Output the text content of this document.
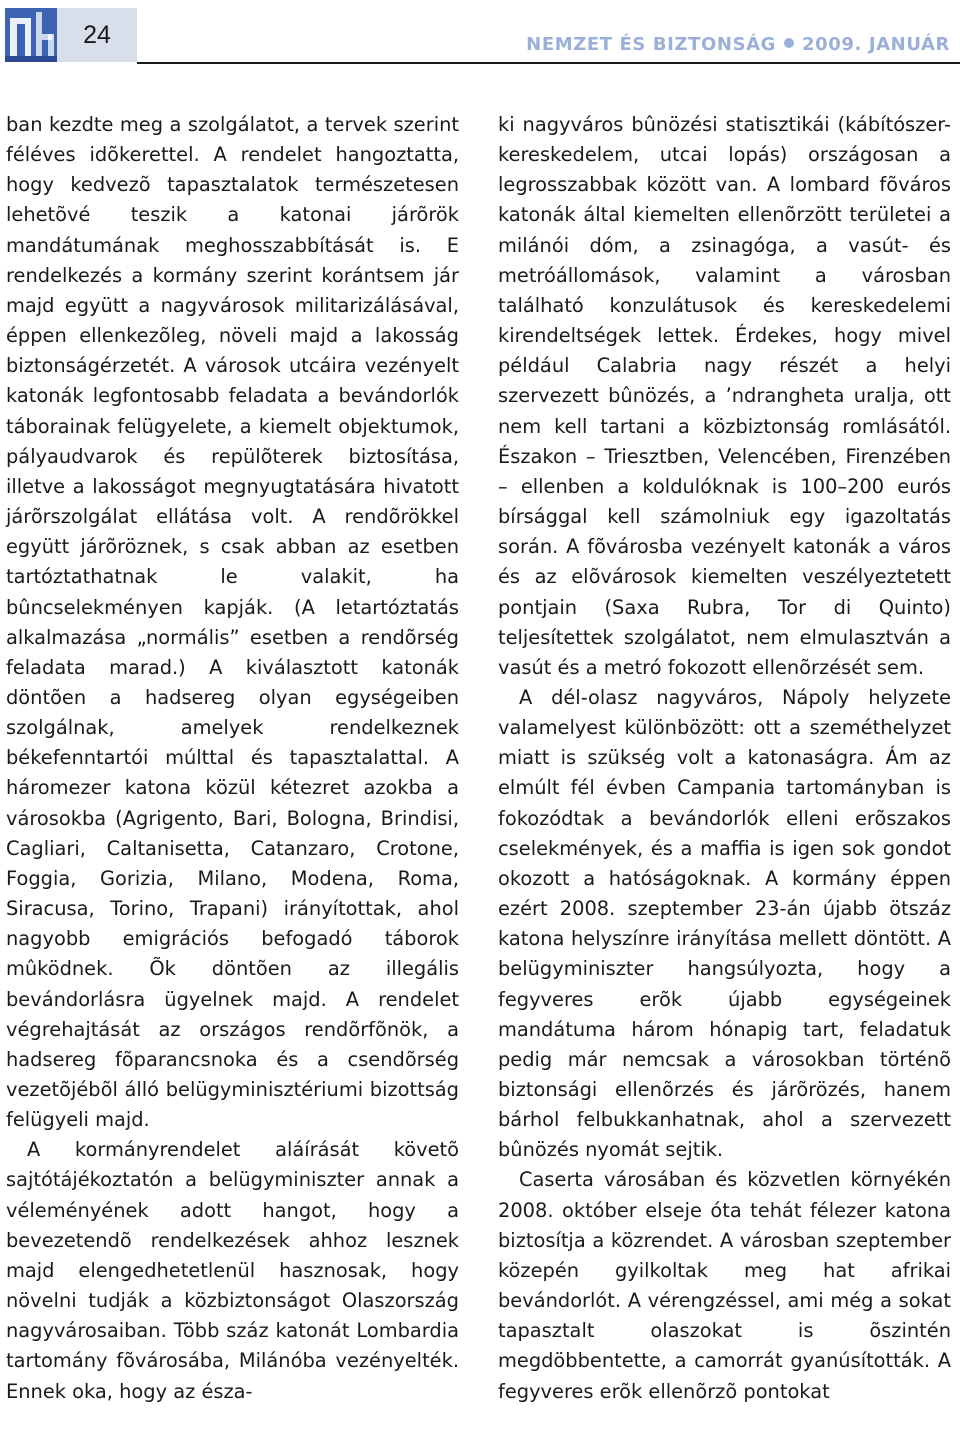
24	NEMZET ÉS BIZTONSÁG 2009. JANUÁR

ban kezdte meg a szolgálatot, a tervek szerint féléves idõkerettel. A rendelet hangoztatta, hogy kedvezõ tapasztalatok természetesen lehetõvé teszik a katonai járõrök mandátumának meghosszabbítását is. E rendelkezés a kormány szerint korántsem jár majd együtt a nagyvárosok militarizálásával, éppen ellenkezõleg, növeli majd a lakosság biztonságérzetét. A városok utcáira vezényelt katonák legfontosabb feladata a bevándorlók táborainak felügyelete, a kiemelt objektumok, pályaudvarok és repülõterek biztosítása, illetve a lakosságot megnyugtatására hivatott járõrszolgálat ellátása volt. A rendõrökkel együtt járõröznek, s csak abban az esetben tartóztathatnak le valakit, ha bûncselekményen kapják. (A letartóztatás alkalmazása „normális” esetben a rendõrség feladata marad.) A kiválasztott katonák döntõen a hadsereg olyan egységeiben szolgálnak, amelyek rendelkeznek békefenntartói múlttal és tapasztalattal. A háromezer katona közül kétezret azokba a városokba (Agrigento, Bari, Bologna, Brindisi, Cagliari, Caltanisetta, Catanzaro, Crotone, Foggia, Gorizia, Milano, Modena, Roma, Siracusa, Torino, Trapani) irányítottak, ahol nagyobb emigrációs befogadó táborok mûködnek. Õk döntõen az illegális bevándorlásra ügyelnek majd. A rendelet végrehajtását az országos rendõrfõnök, a hadsereg fõparancsnoka és a csendõrség vezetõjébõl álló belügyminisztériumi bizottság felügyeli majd.

A kormányrendelet aláírását követõ sajtótájékoztatón a belügyminiszter annak a véleményének adott hangot, hogy a bevezetendõ rendelkezések ahhoz lesznek majd elengedhetetlenül hasznosak, hogy növelni tudják a közbiztonságot Olaszország nagyvárosaiban. Több száz katonát Lombardia tartomány fõvárosába, Milánóba vezényelték. Ennek oka, hogy az észa-

ki nagyváros bûnözési statisztikái (kábítószer-kereskedelem, utcai lopás) országosan a legrosszabbak között van. A lombard fõváros katonák által kiemelten ellenõrzött területei a milánói dóm, a zsinagóga, a vasút- és metróállomások, valamint a városban található konzulátusok és kereskedelemi kirendeltségek lettek. Érdekes, hogy mivel például Calabria nagy részét a helyi szervezett bûnözés, a ’ndrangheta uralja, ott nem kell tartani a közbiztonság romlásától. Északon – Triesztben, Velencében, Firenzében – ellenben a koldulóknak is 100–200 eurós bírsággal kell számolniuk egy igazoltatás során. A fõvárosba vezényelt katonák a város és az elõvárosok kiemelten veszélyeztetett pontjain (Saxa Rubra, Tor di Quinto) teljesítettek szolgálatot, nem elmulasztván a vasút és a metró fokozott ellenõrzését sem.

A dél-olasz nagyváros, Nápoly helyzete valamelyest különbözött: ott a szeméthelyzet miatt is szükség volt a katonaságra. Ám az elmúlt fél évben Campania tartományban is fokozódtak a bevándorlók elleni erõszakos cselekmények, és a maffia is igen sok gondot okozott a hatóságoknak. A kormány éppen ezért 2008. szeptember 23-án újabb ötszáz katona helyszínre irányítása mellett döntött. A belügyminiszter hangsúlyozta, hogy a fegyveres erõk újabb egységeinek mandátuma három hónapig tart, feladatuk pedig már nemcsak a városokban történõ biztonsági ellenõrzés és járõrözés, hanem bárhol felbukkanhatnak, ahol a szervezett bûnözés nyomát sejtik.

Caserta városában és közvetlen környékén 2008. október elseje óta tehát félezer katona biztosítja a közrendet. A városban szeptember közepén gyilkoltak meg hat afrikai bevándorlót. A vérengzéssel, ami még a sokat tapasztalt olaszokat is õszintén megdöbbentette, a camorrát gyanúsították. A fegyveres erõk ellenõrzõ pontokat
